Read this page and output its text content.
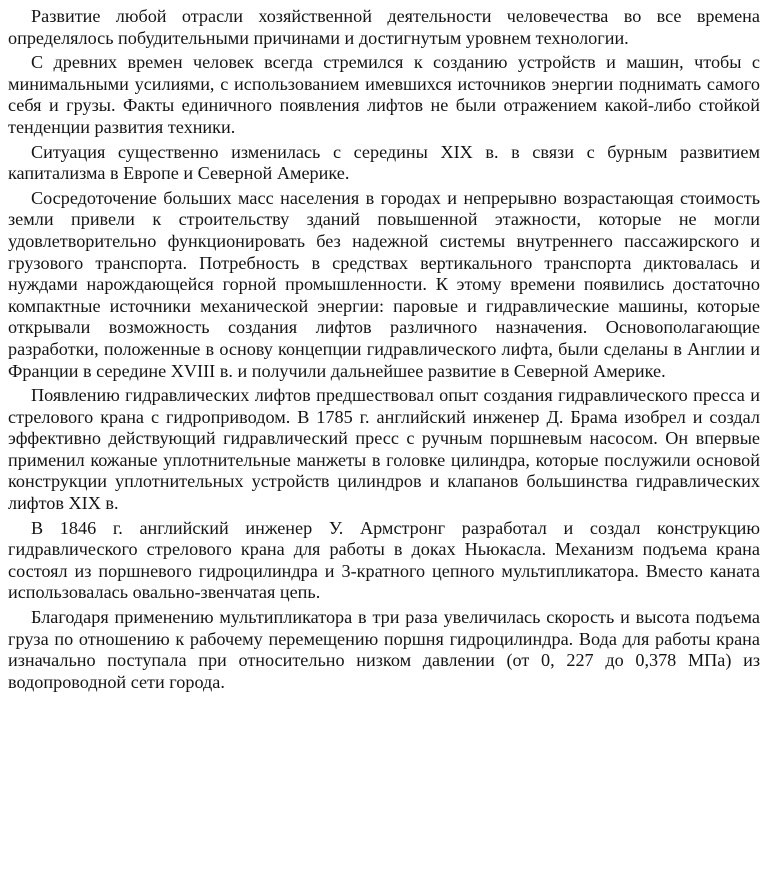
Развитие любой отрасли хозяйственной деятельности человечества во все времена определялось побудительными причинами и достигнутым уровнем технологии.

С древних времен человек всегда стремился к созданию устройств и машин, чтобы с минимальными усилиями, с использованием имевшихся источников энергии поднимать самого себя и грузы. Факты единичного появления лифтов не были отражением какой-либо стойкой тенденции развития техники.

Ситуация существенно изменилась с середины XIX в. в связи с бурным развитием капитализма в Европе и Северной Америке.

Сосредоточение больших масс населения в городах и непрерывно возрастающая стоимость земли привели к строительству зданий повышенной этажности, которые не могли удовлетворительно функционировать без надежной системы внутреннего пассажирского и грузового транспорта. Потребность в средствах вертикального транспорта диктовалась и нуждами нарождающейся горной промышленности. К этому времени появились достаточно компактные источники механической энергии: паровые и гидравлические машины, которые открывали возможность создания лифтов различного назначения. Основополагающие разработки, положенные в основу концепции гидравлического лифта, были сделаны в Англии и Франции в середине XVIII в. и получили дальнейшее развитие в Северной Америке.

Появлению гидравлических лифтов предшествовал опыт создания гидравлического пресса и стрелового крана с гидроприводом. В 1785 г. английский инженер Д. Брама изобрел и создал эффективно действующий гидравлический пресс с ручным поршневым насосом. Он впервые применил кожаные уплотнительные манжеты в головке цилиндра, которые послужили основой конструкции уплотнительных устройств цилиндров и клапанов большинства гидравлических лифтов XIX в.

В 1846 г. английский инженер У. Армстронг разработал и создал конструкцию гидравлического стрелового крана для работы в доках Ньюкасла. Механизм подъема крана состоял из поршневого гидроцилиндра и 3-кратного цепного мультипликатора. Вместо каната использовалась овально-звенчатая цепь.

Благодаря применению мультипликатора в три раза увеличилась скорость и высота подъема груза по отношению к рабочему перемещению поршня гидроцилиндра. Вода для работы крана изначально поступала при относительно низком давлении (от 0, 227 до 0,378 МПа) из водопроводной сети города.
